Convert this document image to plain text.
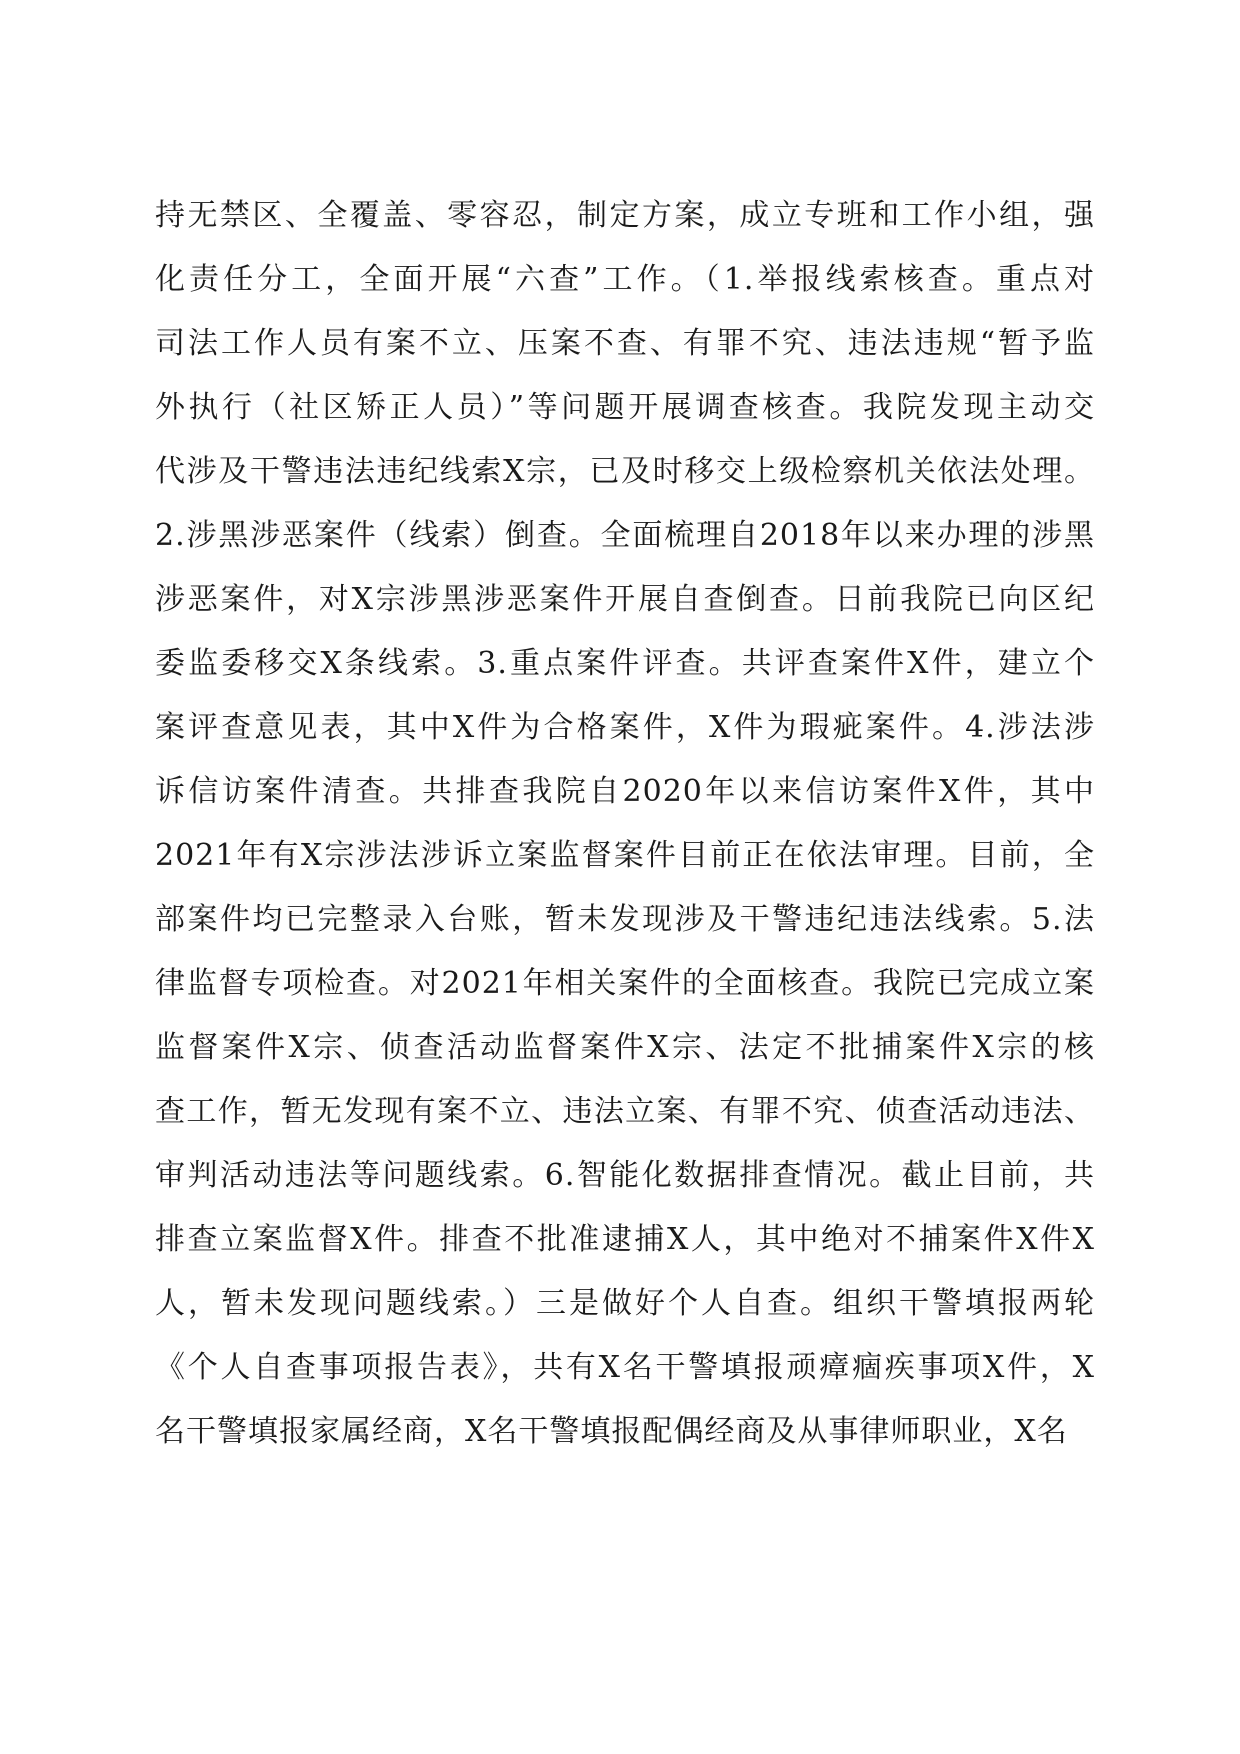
持无禁区、全覆盖、零容忍，制定方案，成立专班和工作小组，强
化责任分工，全面开展“六查”工作。（1.举报线索核查。重点对
司法工作人员有案不立、压案不查、有罪不究、违法违规“暂予监
外执行（社区矫正人员）”等问题开展调查核查。我院发现主动交
代涉及干警违法违纪线索X宗，已及时移交上级检察机关依法处理。
2.涉黑涉恶案件（线索）倒查。全面梳理自2018年以来办理的涉黑
涉恶案件，对X宗涉黑涉恶案件开展自查倒查。日前我院已向区纪
委监委移交X条线索。3.重点案件评查。共评查案件X件，建立个
案评查意见表，其中X件为合格案件，X件为瑕疵案件。4.涉法涉
诉信访案件清查。共排查我院自2020年以来信访案件X件，其中
2021年有X宗涉法涉诉立案监督案件目前正在依法审理。目前，全
部案件均已完整录入台账，暂未发现涉及干警违纪违法线索。5.法
律监督专项检查。对2021年相关案件的全面核查。我院已完成立案
监督案件X宗、侦查活动监督案件X宗、法定不批捕案件X宗的核
查工作，暂无发现有案不立、违法立案、有罪不究、侦查活动违法、
审判活动违法等问题线索。6.智能化数据排查情况。截止目前，共
排查立案监督X件。排查不批准逮捕X人，其中绝对不捕案件X件X
人，暂未发现问题线索。）三是做好个人自查。组织干警填报两轮
《个人自查事项报告表》，共有X名干警填报顽瘴痼疾事项X件，X
名干警填报家属经商，X名干警填报配偶经商及从事律师职业，X名
